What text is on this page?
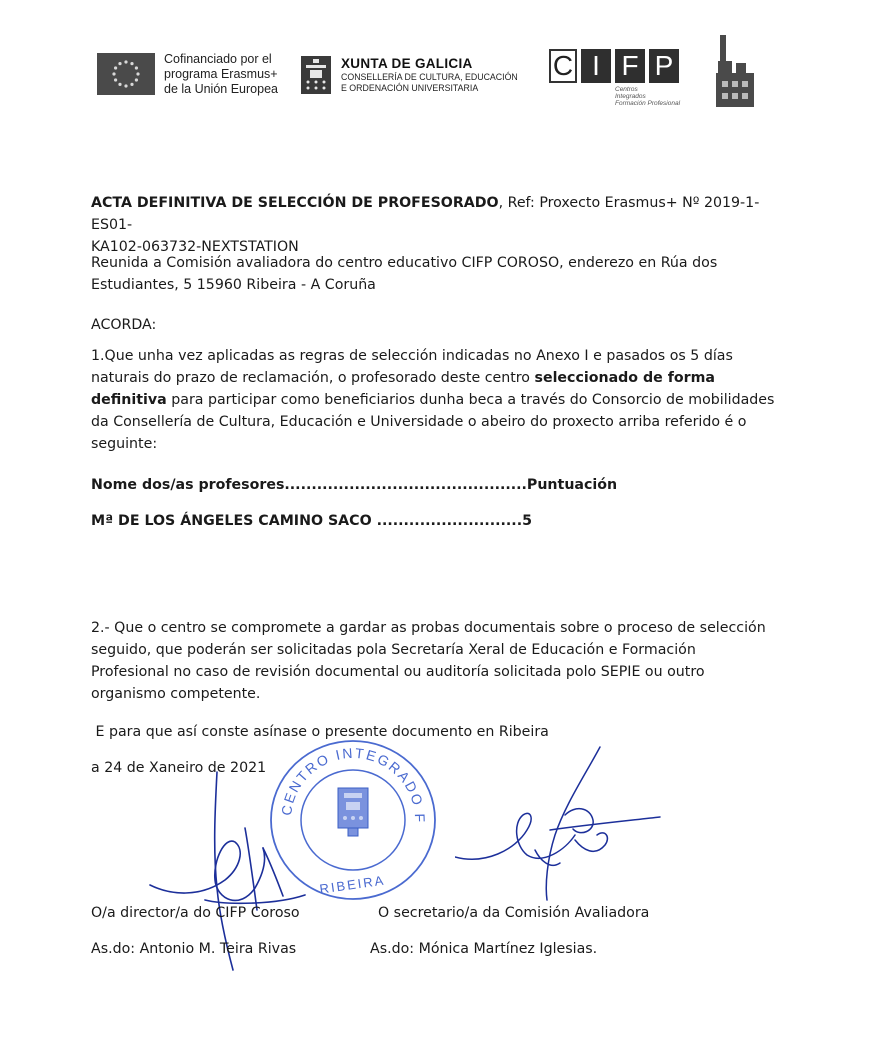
Cofinanciado por el
programa Erasmus+
de la Unión Europea
XUNTA DE GALICIA
CONSELLERÍA DE CULTURA, EDUCACIÓN
E ORDENACIÓN UNIVERSITARIA
C I F P
Centros
Integrados
Formación Profesional
ACTA DEFINITIVA DE SELECCIÓN DE PROFESORADO, Ref: Proxecto Erasmus+ Nº 2019-1-ES01-
KA102-063732-NEXTSTATION
Reunida a Comisión avaliadora do centro educativo CIFP COROSO, enderezo en Rúa dos
Estudiantes, 5 15960 Ribeira - A Coruña
ACORDA:
1.Que unha vez aplicadas as regras de selección indicadas no Anexo I e pasados os 5 días
naturais do prazo de reclamación, o profesorado deste centro seleccionado de forma
definitiva para participar como beneficiarios dunha beca a través do Consorcio de mobilidades
da Consellería de Cultura, Educación e Universidade o abeiro do proxecto arriba referido é o
seguinte:
Nome dos/as profesores.............................................Puntuación
Mª DE LOS ÁNGELES CAMINO SACO ...........................5
2.- Que o centro se compromete a gardar as probas documentais sobre o proceso de selección
seguido, que poderán ser solicitadas pola Secretaría Xeral de Educación e Formación
Profesional no caso de revisión documental ou auditoría solicitada polo SEPIE ou outro
organismo competente.
E para que así conste asínase o presente documento en Ribeira
a 24 de Xaneiro de 2021
CENTRO INTEGRADO F
RIBEIRA
O/a director/a do CIFP Coroso	O secretario/a da Comisión Avaliadora
As.do: Antonio M. Teira Rivas	As.do: Mónica Martínez Iglesias.
